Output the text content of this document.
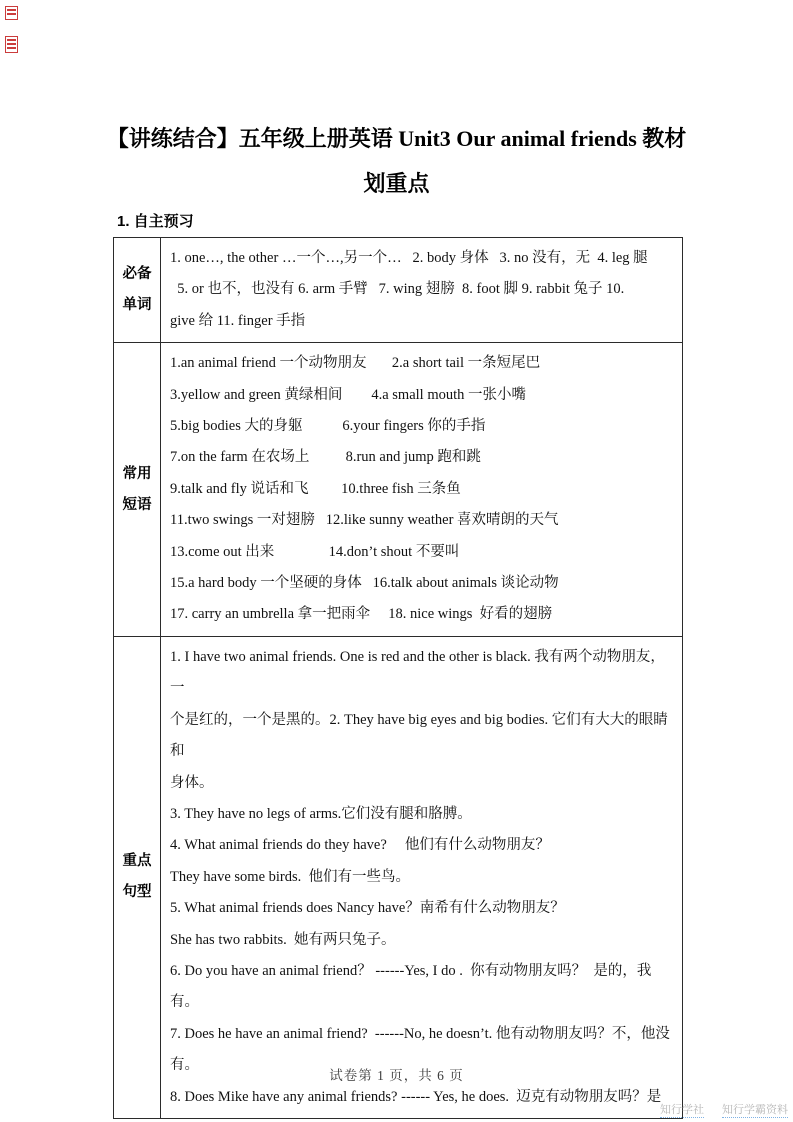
【讲练结合】五年级上册英语 Unit3 Our animal friends 教材
划重点
1. 自主预习
必备
单词

1. one…, the other …一个…,另一个…   2. body 身体   3. no 没有，无  4. leg 腿
5. or 也不，也没有 6. arm 手臂   7. wing 翅膀  8. foot 脚 9. rabbit 兔子 10.
give 给 11. finger 手指

常用
短语

1.an animal friend 一个动物朋友       2.a short tail 一条短尾巴
3.yellow and green 黄绿相间        4.a small mouth 一张小嘴
5.big bodies 大的身躯           6.your fingers 你的手指
7.on the farm 在农场上          8.run and jump 跑和跳
9.talk and fly 说话和飞         10.three fish 三条鱼
11.two swings 一对翅膀   12.like sunny weather 喜欢晴朗的天气
13.come out 出来               14.don’t shout 不要叫
15.a hard body 一个坚硬的身体   16.talk about animals 谈论动物
17. carry an umbrella 拿一把雨伞     18. nice wings  好看的翅膀

重点
句型

1. I have two animal friends. One is red and the other is black. 我有两个动物朋友，一
个是红的，一个是黑的。2. They have big eyes and big bodies. 它们有大大的眼睛和
身体。
3. They have no legs of arms.它们没有腿和胳膊。
4. What animal friends do they have?     他们有什么动物朋友？
They have some birds.  他们有一些鸟。
5. What animal friends does Nancy have？南希有什么动物朋友？
She has two rabbits.  她有两只兔子。
6. Do you have an animal friend？ ------Yes, I do .  你有动物朋友吗？  是的，我有。
7. Does he have an animal friend?  ------No, he doesn’t. 他有动物朋友吗？不，他没
有。
8. Does Mike have any animal friends? ------ Yes, he does.  迈克有动物朋友吗？是
试卷第 1 页，共 6 页
知行学社 知行学霸资料
